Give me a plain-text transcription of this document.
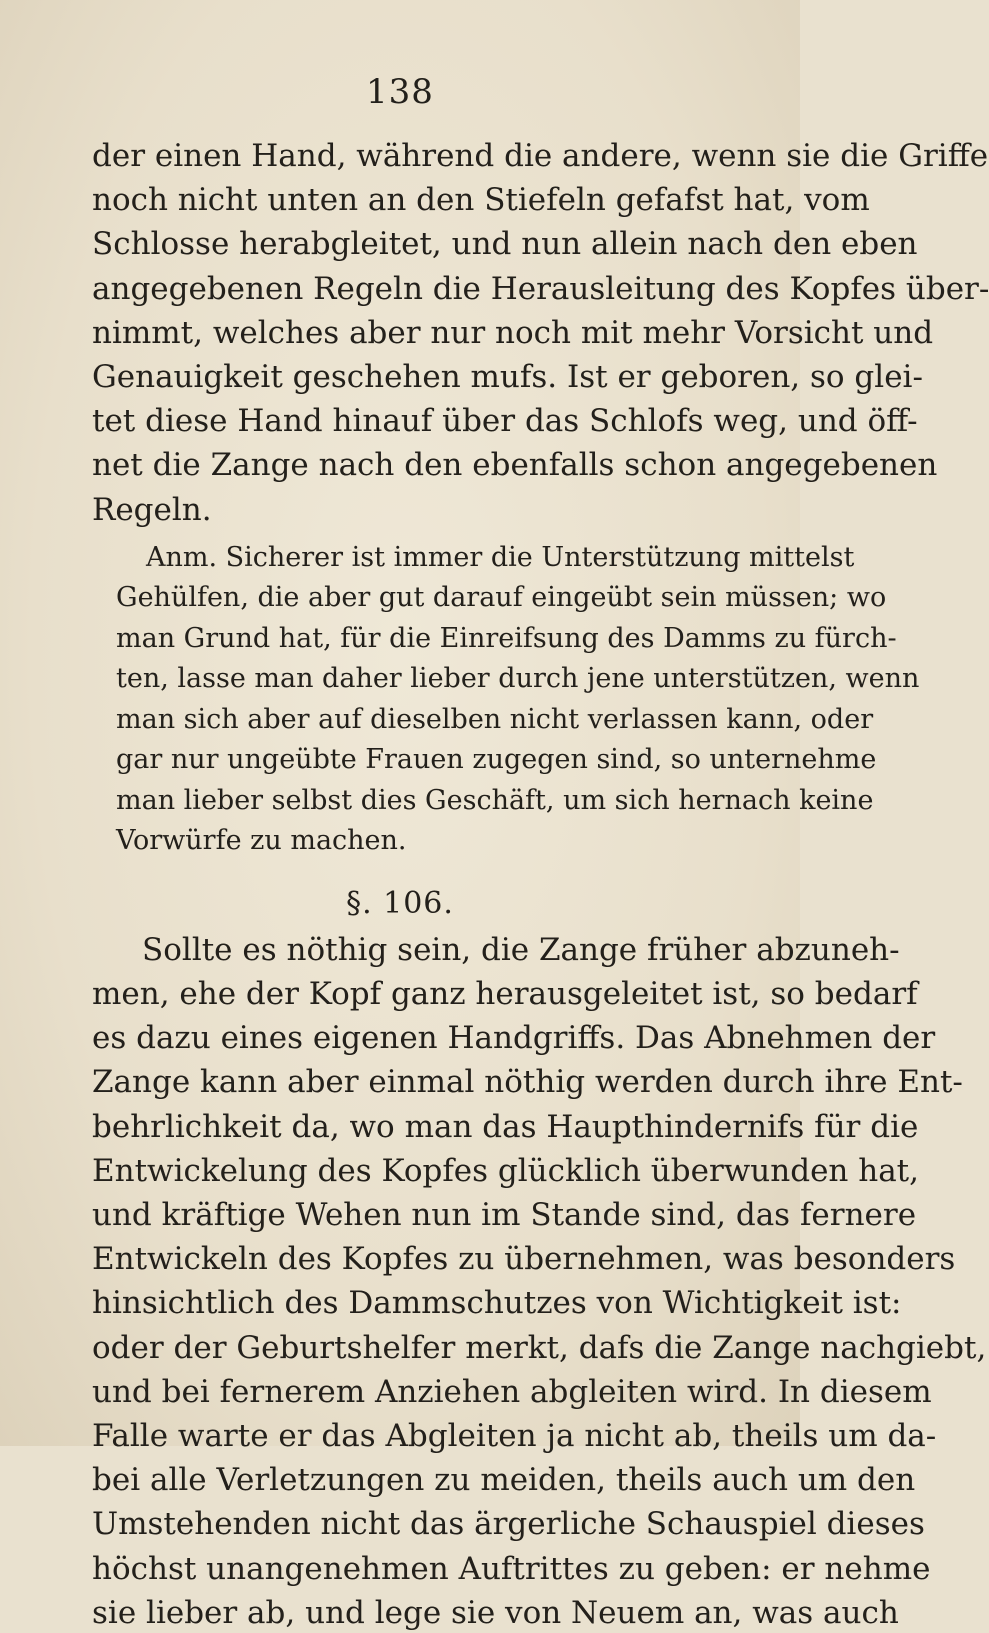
138

der einen Hand, während die andere, wenn sie die Griffe

noch nicht unten an den Stiefeln gefafst hat, vom

Schlosse herabgleitet, und nun allein nach den eben

angegebenen Regeln die Herausleitung des Kopfes über-

nimmt, welches aber nur noch mit mehr Vorsicht und

Genauigkeit geschehen mufs. Ist er geboren, so glei-

tet diese Hand hinauf über das Schlofs weg, und öff-

net die Zange nach den ebenfalls schon angegebenen

Regeln.

Anm. Sicherer ist immer die Unterstützung mittelst

Gehülfen, die aber gut darauf eingeübt sein müssen; wo

man Grund hat, für die Einreifsung des Damms zu fürch-

ten, lasse man daher lieber durch jene unterstützen, wenn

man sich aber auf dieselben nicht verlassen kann, oder

gar nur ungeübte Frauen zugegen sind, so unternehme

man lieber selbst dies Geschäft, um sich hernach keine

Vorwürfe zu machen.

§. 106.

Sollte es nöthig sein, die Zange früher abzuneh-

men, ehe der Kopf ganz herausgeleitet ist, so bedarf

es dazu eines eigenen Handgriffs. Das Abnehmen der

Zange kann aber einmal nöthig werden durch ihre Ent-

behrlichkeit da, wo man das Haupthindernifs für die

Entwickelung des Kopfes glücklich überwunden hat,

und kräftige Wehen nun im Stande sind, das fernere

Entwickeln des Kopfes zu übernehmen, was besonders

hinsichtlich des Dammschutzes von Wichtigkeit ist:

oder der Geburtshelfer merkt, dafs die Zange nachgiebt,

und bei fernerem Anziehen abgleiten wird. In diesem

Falle warte er das Abgleiten ja nicht ab, theils um da-

bei alle Verletzungen zu meiden, theils auch um den

Umstehenden nicht das ärgerliche Schauspiel dieses

höchst unangenehmen Auftrittes zu geben: er nehme

sie lieber ab, und lege sie von Neuem an, was auch
